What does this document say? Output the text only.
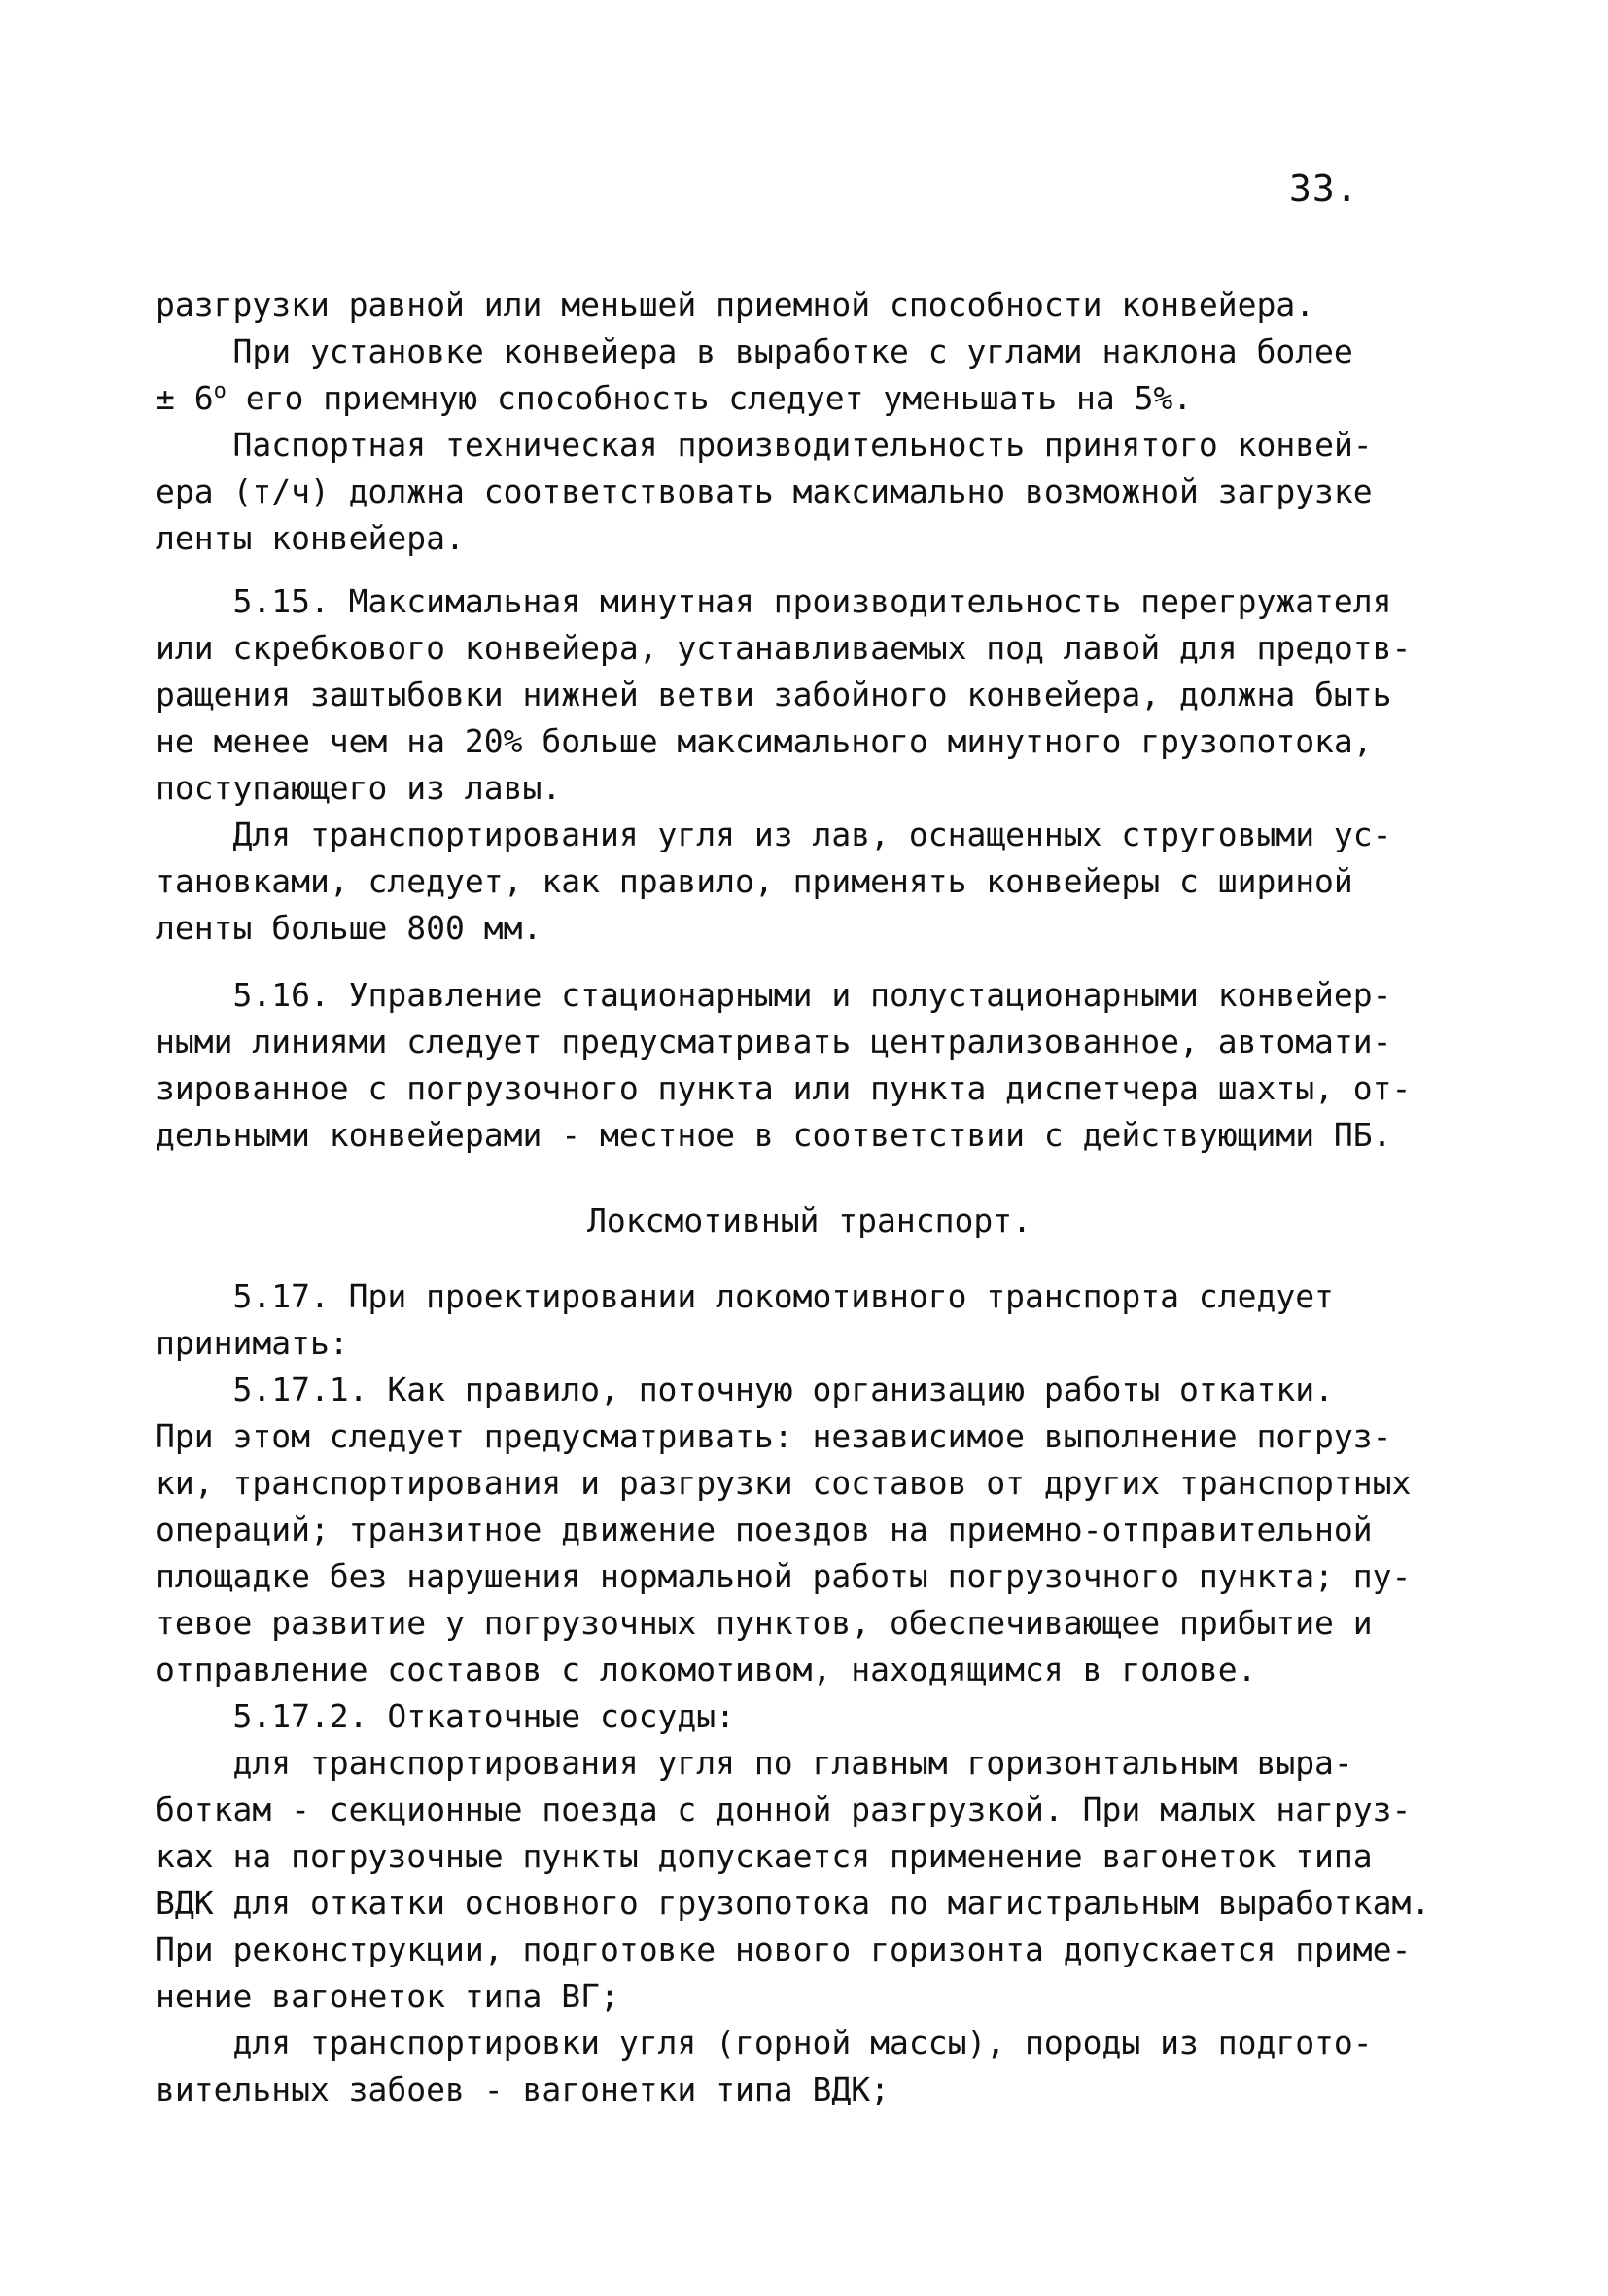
33.
разгрузки равной или меньшей приемной способности конвейера.
При установке конвейера в выработке с углами наклона более
± $6^о$ его приемную способность следует уменьшать на 5%.
Паспортная техническая производительность принятого конвей-
ера (т/ч) должна соответствовать максимально возможной загрузке
ленты конвейера.
5.15. Максимальная минутная производительность перегружателя
или скребкового конвейера, устанавливаемых под лавой для предотв-
ращения заштыбовки нижней ветви забойного конвейера, должна быть
не менее чем на 20% больше максимального минутного грузопотока,
поступающего из лавы.
Для транспортирования угля из лав, оснащенных струговыми ус-
тановками, следует, как правило, применять конвейеры с шириной
ленты больше 800 мм.
5.16. Управление стационарными и полустационарными конвейер-
ными линиями следует предусматривать централизованное, автомати-
зированное с погрузочного пункта или пункта диспетчера шахты, от-
дельными конвейерами - местное в соответствии с действующими ПБ.
Локсмотивный транспорт.
5.17. При проектировании локомотивного транспорта следует
принимать:
5.17.1. Как правило, поточную организацию работы откатки.
При этом следует предусматривать: независимое выполнение погруз-
ки, транспортирования и разгрузки составов от других транспортных
операций; транзитное движение поездов на приемно-отправительной
площадке без нарушения нормальной работы погрузочного пункта; пу-
тевое развитие у погрузочных пунктов, обеспечивающее прибытие и
отправление составов с локомотивом, находящимся в голове.
5.17.2. Откаточные сосуды:
для транспортирования угля по главным горизонтальным выра-
боткам - секционные поезда с донной разгрузкой. При малых нагруз-
ках на погрузочные пункты допускается применение вагонеток типа
ВДК для откатки основного грузопотока по магистральным выработкам.
При реконструкции, подготовке нового горизонта допускается приме-
нение вагонеток типа ВГ;
для транспортировки угля (горной массы), породы из подгото-
вительных забоев - вагонетки типа ВДК;
